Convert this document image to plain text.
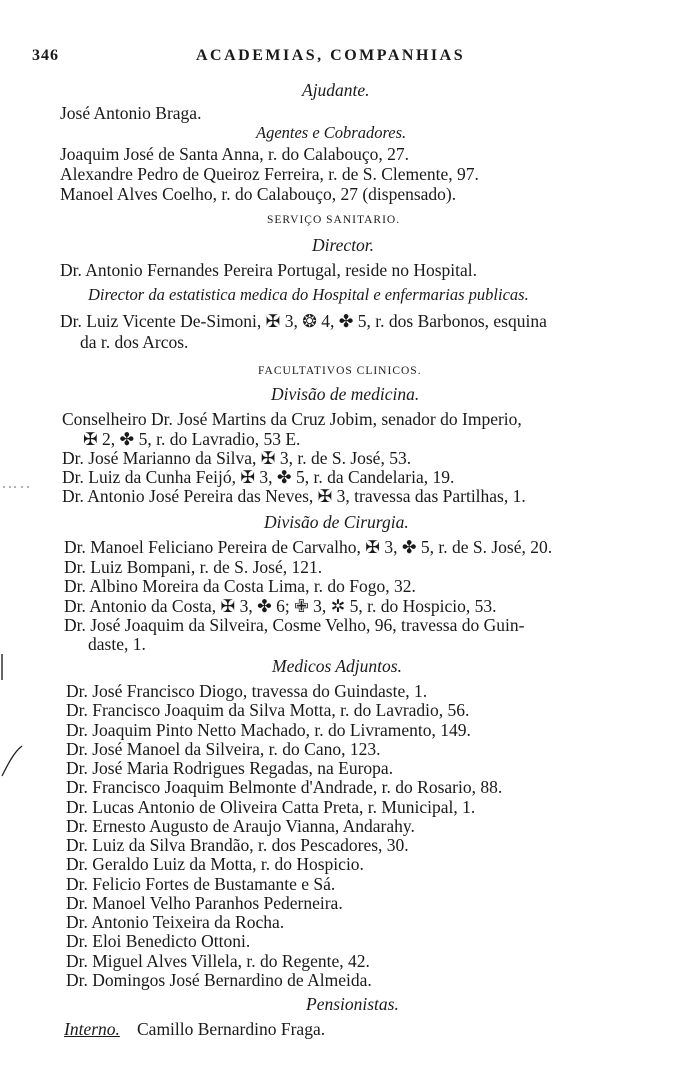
346	ACADEMIAS, COMPANHIAS
Ajudante.
José Antonio Braga.
Agentes e Cobradores.
Joaquim José de Santa Anna, r. do Calabouço, 27.
Alexandre Pedro de Queiroz Ferreira, r. de S. Clemente, 97.
Manoel Alves Coelho, r. do Calabouço, 27 (dispensado).
SERVIÇO SANITARIO.
Director.
Dr. Antonio Fernandes Pereira Portugal, reside no Hospital.
Director da estatistica medica do Hospital e enfermarias publicas.
Dr. Luiz Vicente De-Simoni, ✠ 3, ❂ 4, ✤ 5, r. dos Barbonos, esquina
da r. dos Arcos.
FACULTATIVOS CLINICOS.
Divisão de medicina.
Conselheiro Dr. José Martins da Cruz Jobim, senador do Imperio,
✠ 2, ✤ 5, r. do Lavradio, 53 E.
Dr. José Marianno da Silva, ✠ 3, r. de S. José, 53.
Dr. Luiz da Cunha Feijó, ✠ 3, ✤ 5, r. da Candelaria, 19.
Dr. Antonio José Pereira das Neves, ✠ 3, travessa das Partilhas, 1.
Divisão de Cirurgia.
Dr. Manoel Feliciano Pereira de Carvalho, ✠ 3, ✤ 5, r. de S. José, 20.
Dr. Luiz Bompani, r. de S. José, 121.
Dr. Albino Moreira da Costa Lima, r. do Fogo, 32.
Dr. Antonio da Costa, ✠ 3, ✤ 6; ✙ 3, ✲ 5, r. do Hospicio, 53.
Dr. José Joaquim da Silveira, Cosme Velho, 96, travessa do Guin-
daste, 1.
Medicos Adjuntos.
Dr. José Francisco Diogo, travessa do Guindaste, 1.
Dr. Francisco Joaquim da Silva Motta, r. do Lavradio, 56.
Dr. Joaquim Pinto Netto Machado, r. do Livramento, 149.
Dr. José Manoel da Silveira, r. do Cano, 123.
Dr. José Maria Rodrigues Regadas, na Europa.
Dr. Francisco Joaquim Belmonte d'Andrade, r. do Rosario, 88.
Dr. Lucas Antonio de Oliveira Catta Preta, r. Municipal, 1.
Dr. Ernesto Augusto de Araujo Vianna, Andarahy.
Dr. Luiz da Silva Brandão, r. dos Pescadores, 30.
Dr. Geraldo Luiz da Motta, r. do Hospicio.
Dr. Felicio Fortes de Bustamante e Sá.
Dr. Manoel Velho Paranhos Pederneira.
Dr. Antonio Teixeira da Rocha.
Dr. Eloi Benedicto Ottoni.
Dr. Miguel Alves Villela, r. do Regente, 42.
Dr. Domingos José Bernardino de Almeida.
Pensionistas.
Interno. Camillo Bernardino Fraga.
